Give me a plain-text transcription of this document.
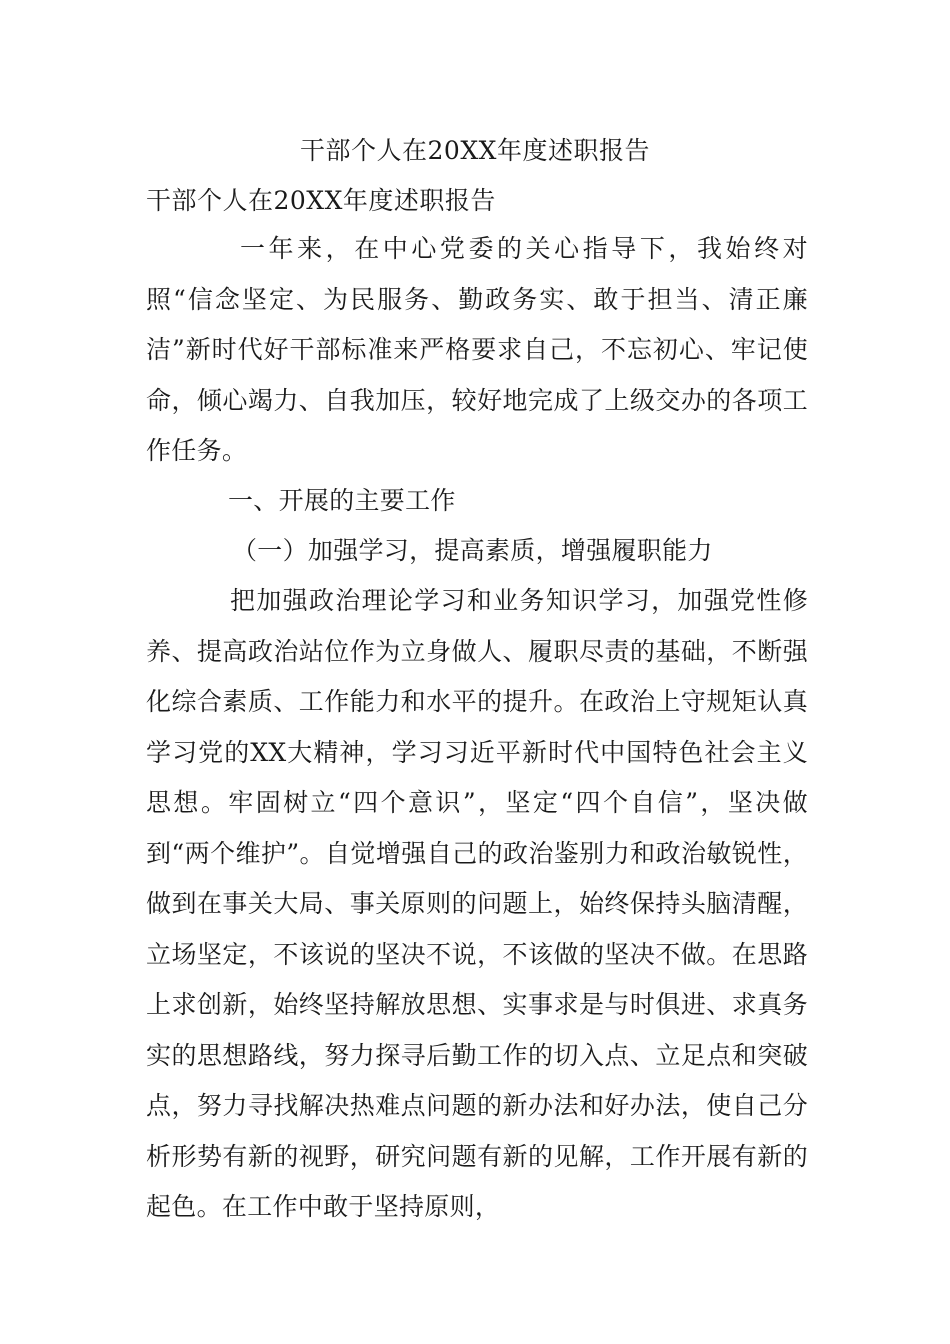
干部个人在20XX年度述职报告
干部个人在20XX年度述职报告
一年来，在中心党委的关心指导下，我始终对照“信念坚定、为民服务、勤政务实、敢于担当、清正廉洁”新时代好干部标准来严格要求自己，不忘初心、牢记使命，倾心竭力、自我加压，较好地完成了上级交办的各项工作任务。
一、开展的主要工作
（一）加强学习，提高素质，增强履职能力
把加强政治理论学习和业务知识学习，加强党性修养、提高政治站位作为立身做人、履职尽责的基础，不断强化综合素质、工作能力和水平的提升。在政治上守规矩认真学习党的XX大精神，学习习近平新时代中国特色社会主义思想。牢固树立“四个意识”，坚定“四个自信”，坚决做到“两个维护”。自觉增强自己的政治鉴别力和政治敏锐性，做到在事关大局、事关原则的问题上，始终保持头脑清醒，立场坚定，不该说的坚决不说，不该做的坚决不做。在思路上求创新，始终坚持解放思想、实事求是与时俱进、求真务实的思想路线，努力探寻后勤工作的切入点、立足点和突破点，努力寻找解决热难点问题的新办法和好办法，使自己分析形势有新的视野，研究问题有新的见解，工作开展有新的起色。在工作中敢于坚持原则，
